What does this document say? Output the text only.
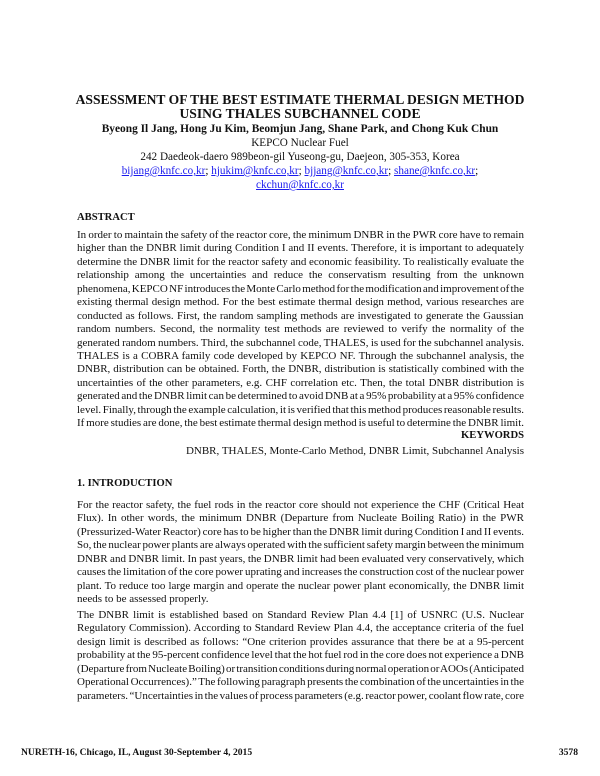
ASSESSMENT OF THE BEST ESTIMATE THERMAL DESIGN METHOD
USING THALES SUBCHANNEL CODE
Byeong Il Jang, Hong Ju Kim, Beomjun Jang, Shane Park, and Chong Kuk Chun
KEPCO Nuclear Fuel
242 Daedeok-daero 989beon-gil Yuseong-gu, Daejeon, 305-353, Korea
bijang@knfc.co,kr; hjukim@knfc.co,kr; bjjang@knfc.co,kr; shane@knfc.co,kr;
ckchun@knfc.co,kr
ABSTRACT
In order to maintain the safety of the reactor core, the minimum DNBR in the PWR core have to remain
higher than the DNBR limit during Condition I and II events. Therefore, it is important to adequately
determine the DNBR limit for the reactor safety and economic feasibility. To realistically evaluate the
relationship among the uncertainties and reduce the conservatism resulting from the unknown
phenomena, KEPCO NF introduces the Monte Carlo method for the modification and improvement of the
existing thermal design method. For the best estimate thermal design method, various researches are
conducted as follows. First, the random sampling methods are investigated to generate the Gaussian
random numbers. Second, the normality test methods are reviewed to verify the normality of the
generated random numbers. Third, the subchannel code, THALES, is used for the subchannel analysis.
THALES is a COBRA family code developed by KEPCO NF. Through the subchannel analysis, the
DNBR, distribution can be obtained. Forth, the DNBR, distribution is statistically combined with the
uncertainties of the other parameters, e.g. CHF correlation etc. Then, the total DNBR distribution is
generated and the DNBR limit can be determined to avoid DNB at a 95% probability at a 95% confidence
level. Finally, through the example calculation, it is verified that this method produces reasonable results.
If more studies are done, the best estimate thermal design method is useful to determine the DNBR limit.
KEYWORDS
DNBR, THALES, Monte-Carlo Method, DNBR Limit, Subchannel Analysis
1. INTRODUCTION
For the reactor safety, the fuel rods in the reactor core should not experience the CHF (Critical Heat
Flux). In other words, the minimum DNBR (Departure from Nucleate Boiling Ratio) in the PWR
(Pressurized-Water Reactor) core has to be higher than the DNBR limit during Condition I and II events.
So, the nuclear power plants are always operated with the sufficient safety margin between the minimum
DNBR and DNBR limit. In past years, the DNBR limit had been evaluated very conservatively, which
causes the limitation of the core power uprating and increases the construction cost of the nuclear power
plant. To reduce too large margin and operate the nuclear power plant economically, the DNBR limit
needs to be assessed properly.
The DNBR limit is established based on Standard Review Plan 4.4 [1] of USNRC (U.S. Nuclear
Regulatory Commission). According to Standard Review Plan 4.4, the acceptance criteria of the fuel
design limit is described as follows: “One criterion provides assurance that there be at a 95-percent
probability at the 95-percent confidence level that the hot fuel rod in the core does not experience a DNB
(Departure from Nucleate Boiling) or transition conditions during normal operation or AOOs (Anticipated
Operational Occurrences).” The following paragraph presents the combination of the uncertainties in the
parameters. “Uncertainties in the values of process parameters (e.g. reactor power, coolant flow rate, core
NURETH-16, Chicago, IL, August 30-September 4, 2015	3578
